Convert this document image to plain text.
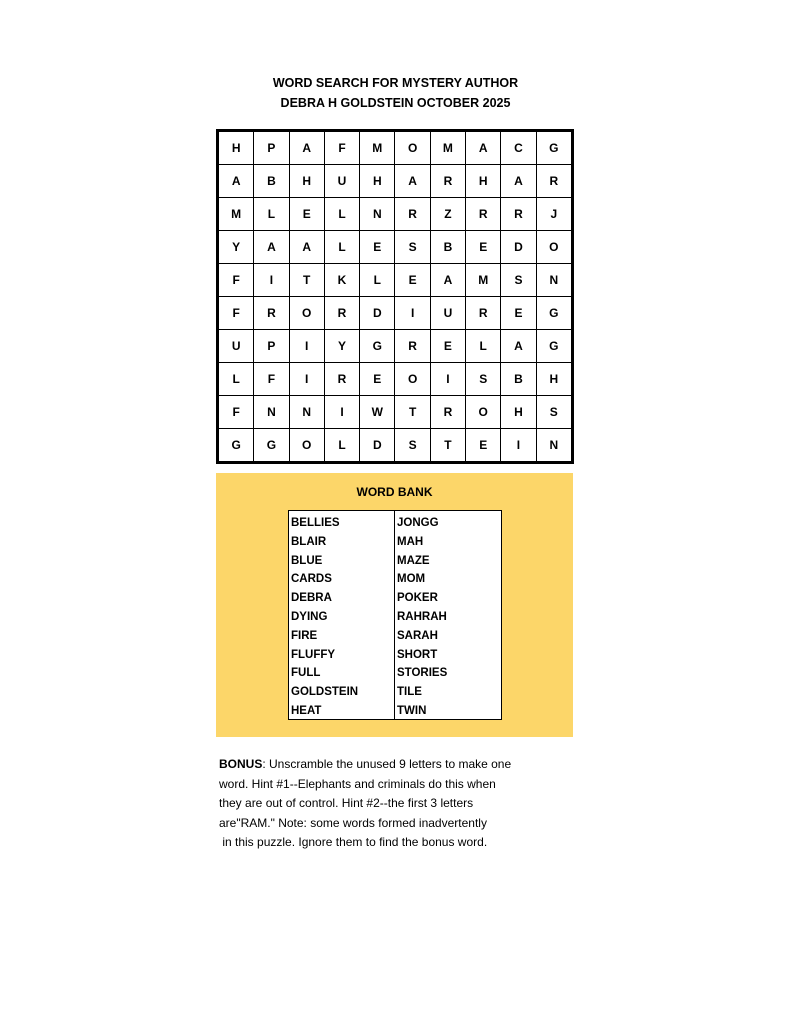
WORD SEARCH FOR MYSTERY AUTHOR
DEBRA H GOLDSTEIN OCTOBER 2025
H	P	A	F	M	O	M	A	C	G
A	B	H	U	H	A	R	H	A	R
M	L	E	L	N	R	Z	R	R	J
Y	A	A	L	E	S	B	E	D	O
F	I	T	K	L	E	A	M	S	N
F	R	O	R	D	I	U	R	E	G
U	P	I	Y	G	R	E	L	A	G
L	F	I	R	E	O	I	S	B	H
F	N	N	I	W	T	R	O	H	S
G	G	O	L	D	S	T	E	I	N
WORD BANK
BELLIES
BLAIR
BLUE
CARDS
DEBRA
DYING
FIRE
FLUFFY
FULL
GOLDSTEIN
HEAT
JONGG
MAH
MAZE
MOM
POKER
RAHRAH
SARAH
SHORT
STORIES
TILE
TWIN
BONUS: Unscramble the unused 9 letters to make one
word. Hint #1--Elephants and criminals do this when
they are out of control. Hint #2--the first 3 letters
are"RAM." Note: some words formed inadvertently
in this puzzle. Ignore them to find the bonus word.
